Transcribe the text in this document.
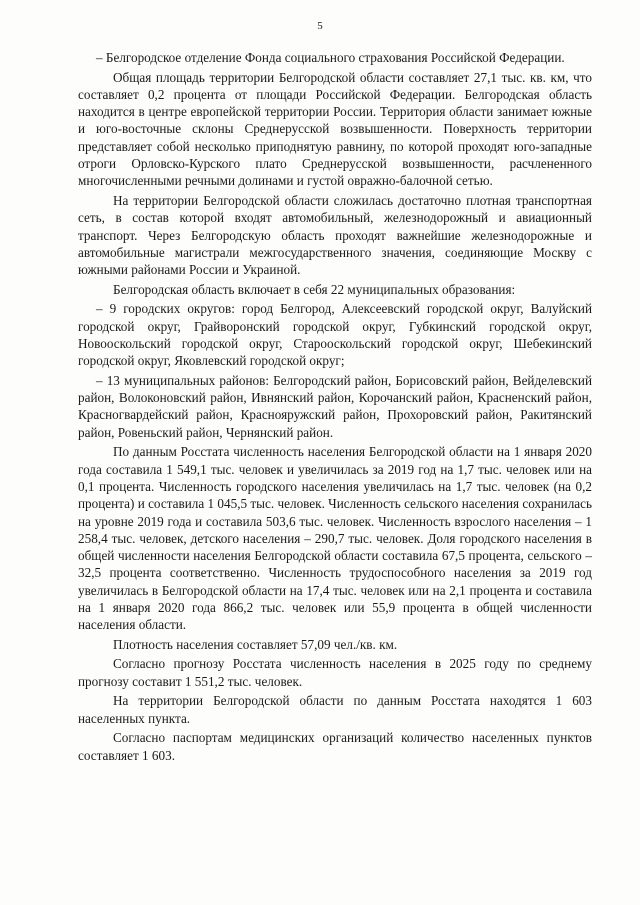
5

– Белгородское отделение Фонда социального страхования Российской Федерации.

Общая площадь территории Белгородской области составляет 27,1 тыс. кв. км, что составляет 0,2 процента от площади Российской Федерации. Белгородская область находится в центре европейской территории России. Территория области занимает южные и юго-восточные склоны Среднерусской возвышенности. Поверхность территории представляет собой несколько приподнятую равнину, по которой проходят юго-западные отроги Орловско-Курского плато Среднерусской возвышенности, расчлененного многочисленными речными долинами и густой овражно-балочной сетью.

На территории Белгородской области сложилась достаточно плотная транспортная сеть, в состав которой входят автомобильный, железнодорожный и авиационный транспорт. Через Белгородскую область проходят важнейшие железнодорожные и автомобильные магистрали межгосударственного значения, соединяющие Москву с южными районами России и Украиной.

Белгородская область включает в себя 22 муниципальных образования:

– 9 городских округов: город Белгород, Алексеевский городской округ, Валуйский городской округ, Грайворонский городской округ, Губкинский городской округ, Новооскольский городской округ, Старооскольский городской округ, Шебекинский городской округ, Яковлевский городской округ;

– 13 муниципальных районов: Белгородский район, Борисовский район, Вейделевский район, Волоконовский район, Ивнянский район, Корочанский район, Красненский район, Красногвардейский район, Краснояружский район, Прохоровский район, Ракитянский район, Ровеньский район, Чернянский район.

По данным Росстата численность населения Белгородской области на 1 января 2020 года составила 1 549,1 тыс. человек и увеличилась за 2019 год на 1,7 тыс. человек или на 0,1 процента. Численность городского населения увеличилась на 1,7 тыс. человек (на 0,2 процента) и составила 1 045,5 тыс. человек. Численность сельского населения сохранилась на уровне 2019 года и составила 503,6 тыс. человек. Численность взрослого населения – 1 258,4 тыс. человек, детского населения – 290,7 тыс. человек. Доля городского населения в общей численности населения Белгородской области составила 67,5 процента, сельского – 32,5 процента соответственно. Численность трудоспособного населения за 2019 год увеличилась в Белгородской области на 17,4 тыс. человек или на 2,1 процента и составила на 1 января 2020 года 866,2 тыс. человек или 55,9 процента в общей численности населения области.

Плотность населения составляет 57,09 чел./кв. км.

Согласно прогнозу Росстата численность населения в 2025 году по среднему прогнозу составит 1 551,2 тыс. человек.

На территории Белгородской области по данным Росстата находятся 1 603 населенных пункта.

Согласно паспортам медицинских организаций количество населенных пунктов составляет 1 603.
